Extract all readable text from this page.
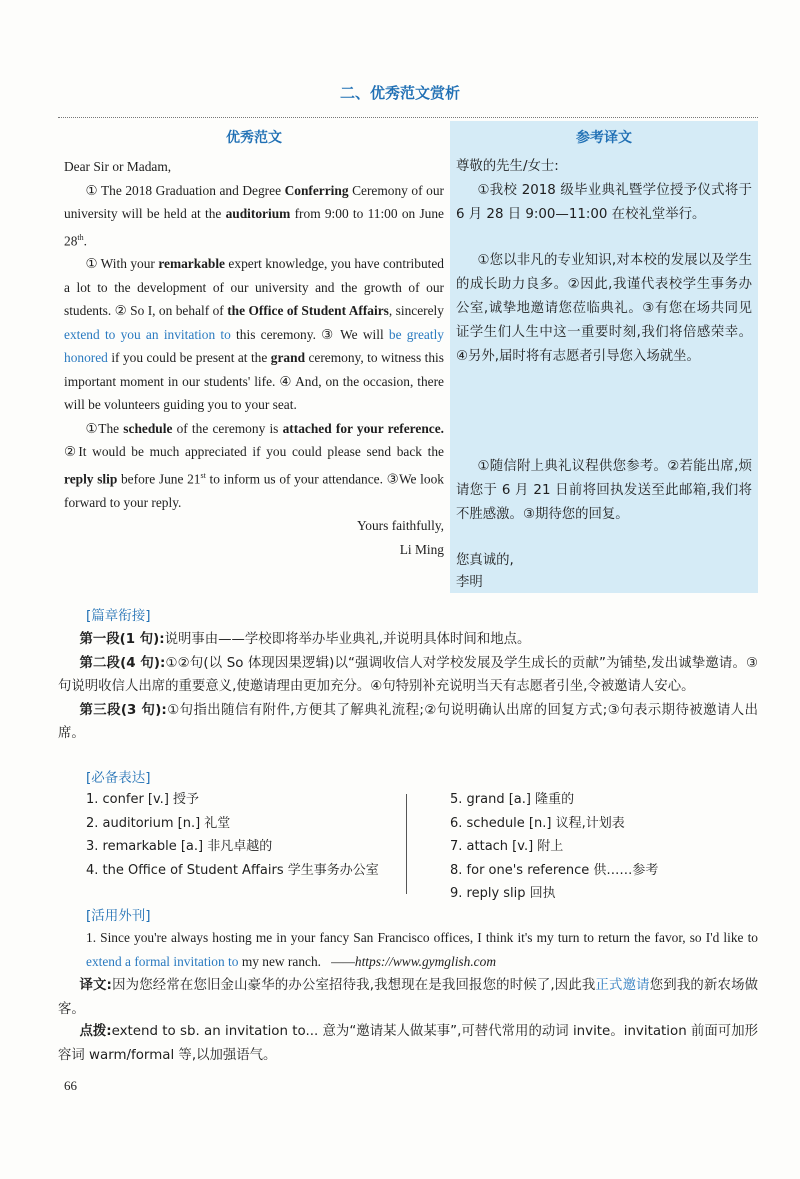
二、优秀范文赏析
优秀范文

Dear Sir or Madam,

① The 2018 Graduation and Degree Conferring Ceremony of our university will be held at the auditorium from 9:00 to 11:00 on June 28th.

① With your remarkable expert knowledge, you have contributed a lot to the development of our university and the growth of our students. ② So I, on behalf of the Office of Student Affairs, sincerely extend to you an invitation to this ceremony. ③ We will be greatly honored if you could be present at the grand ceremony, to witness this important moment in our students' life. ④ And, on the occasion, there will be volunteers guiding you to your seat.

①The schedule of the ceremony is attached for your reference. ②It would be much appreciated if you could please send back the reply slip before June 21st to inform us of your attendance. ③We look forward to your reply.

Yours faithfully,

Li Ming

参考译文
尊敬的先生/女士:

①我校 2018 级毕业典礼暨学位授予仪式将于 6 月 28 日 9:00—11:00 在校礼堂举行。

①您以非凡的专业知识,对本校的发展以及学生的成长助力良多。②因此,我谨代表校学生事务办公室,诚挚地邀请您莅临典礼。③有您在场共同见证学生们人生中这一重要时刻,我们将倍感荣幸。④另外,届时将有志愿者引导您入场就坐。

①随信附上典礼议程供您参考。②若能出席,烦请您于 6 月 21 日前将回执发送至此邮箱,我们将不胜感激。③期待您的回复。

您真诚的,
李明
[篇章衔接]

第一段(1 句):说明事由——学校即将举办毕业典礼,并说明具体时间和地点。

第二段(4 句):①②句(以 So 体现因果逻辑)以“强调收信人对学校发展及学生成长的贡献”为铺垫,发出诚挚邀请。③句说明收信人出席的重要意义,使邀请理由更加充分。④句特别补充说明当天有志愿者引坐,令被邀请人安心。

第三段(3 句):①句指出随信有附件,方便其了解典礼流程;②句说明确认出席的回复方式;③句表示期待被邀请人出席。

[必备表达]
1. confer [v.] 授予
2. auditorium [n.] 礼堂
3. remarkable [a.] 非凡卓越的
4. the Office of Student Affairs 学生事务办公室
5. grand [a.] 隆重的
6. schedule [n.] 议程,计划表
7. attach [v.] 附上
8. for one's reference 供……参考
9. reply slip 回执
[活用外刊]

1. Since you're always hosting me in your fancy San Francisco offices, I think it's my turn to return the favor, so I'd like to extend a formal invitation to my new ranch. ——https://www.gymglish.com

译文:因为您经常在您旧金山豪华的办公室招待我,我想现在是我回报您的时候了,因此我正式邀请您到我的新农场做客。

点拨:extend to sb. an invitation to... 意为“邀请某人做某事”,可替代常用的动词 invite。invitation 前面可加形容词 warm/formal 等,以加强语气。

66
